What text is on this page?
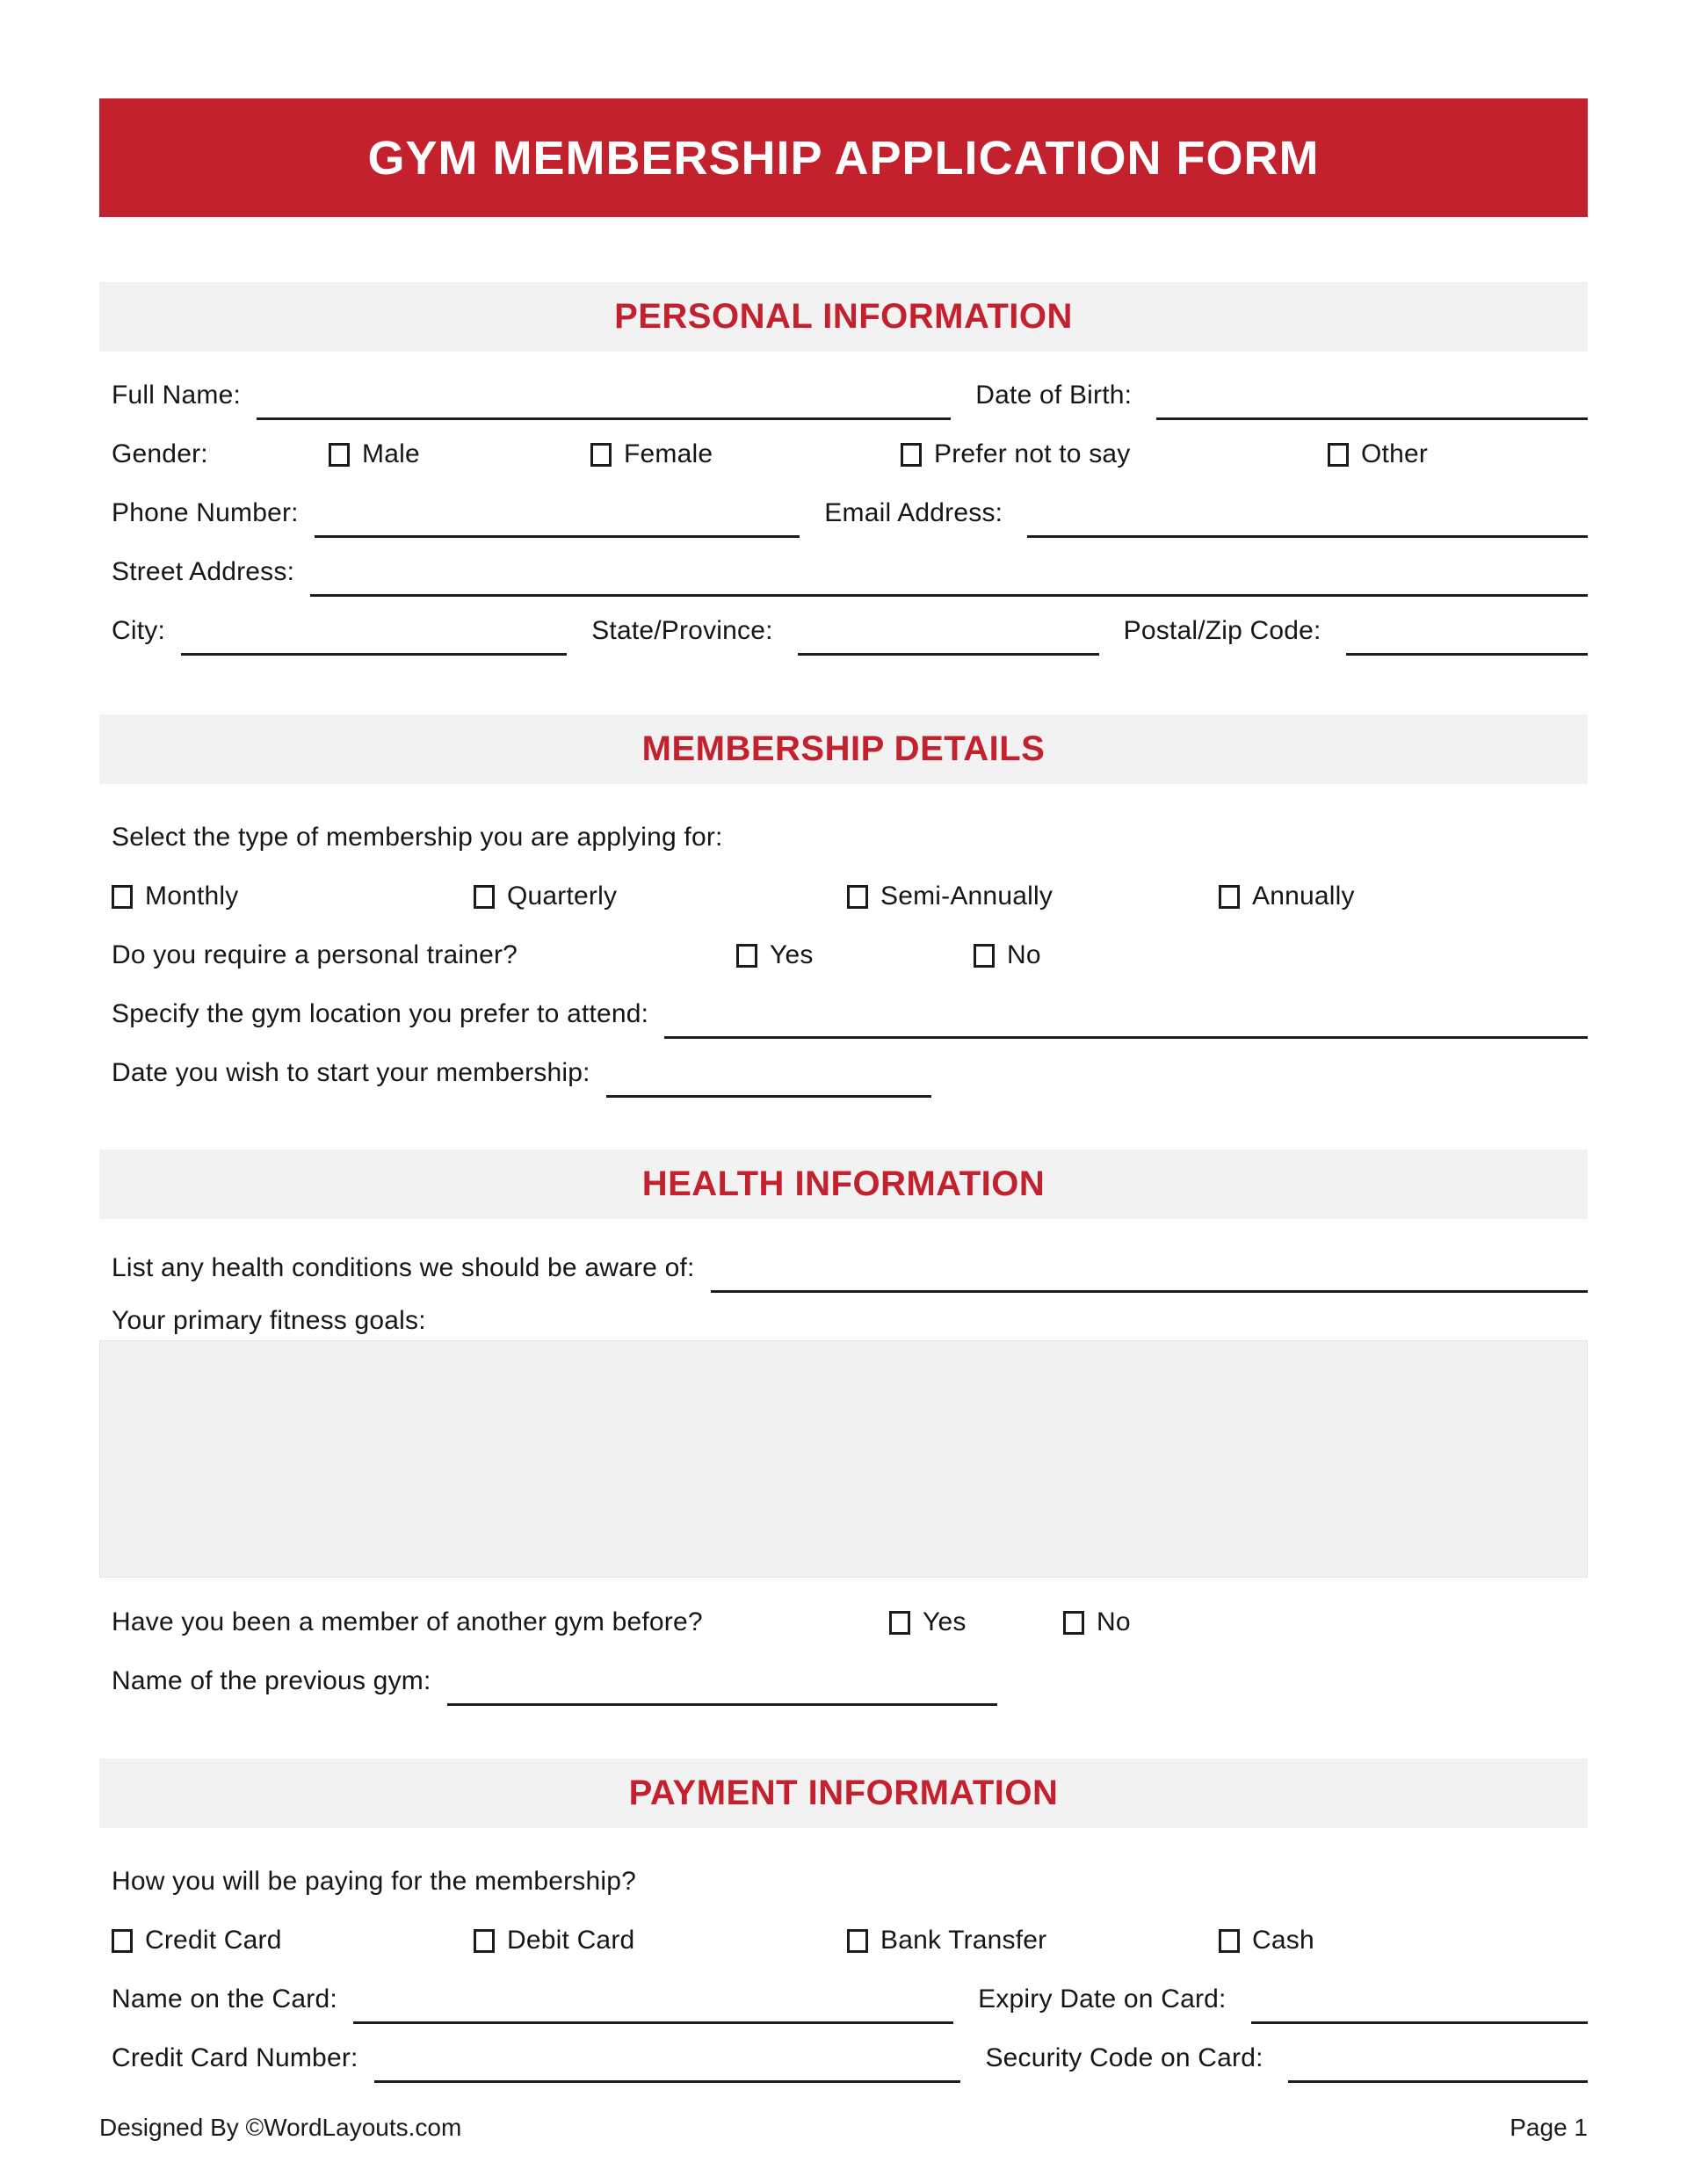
GYM MEMBERSHIP APPLICATION FORM
PERSONAL INFORMATION
Full Name:	Date of Birth:
Gender:	Male	Female	Prefer not to say	Other
Phone Number:	Email Address:
Street Address:
City:	State/Province:	Postal/Zip Code:
MEMBERSHIP DETAILS
Select the type of membership you are applying for:
Monthly	Quarterly	Semi-Annually	Annually
Do you require a personal trainer?	Yes	No
Specify the gym location you prefer to attend:
Date you wish to start your membership:
HEALTH INFORMATION
List any health conditions we should be aware of:
Your primary fitness goals:
Have you been a member of another gym before?	Yes	No
Name of the previous gym:
PAYMENT INFORMATION
How you will be paying for the membership?
Credit Card	Debit Card	Bank Transfer	Cash
Name on the Card:	Expiry Date on Card:
Credit Card Number:	Security Code on Card:
Designed By ©WordLayouts.com	Page 1
